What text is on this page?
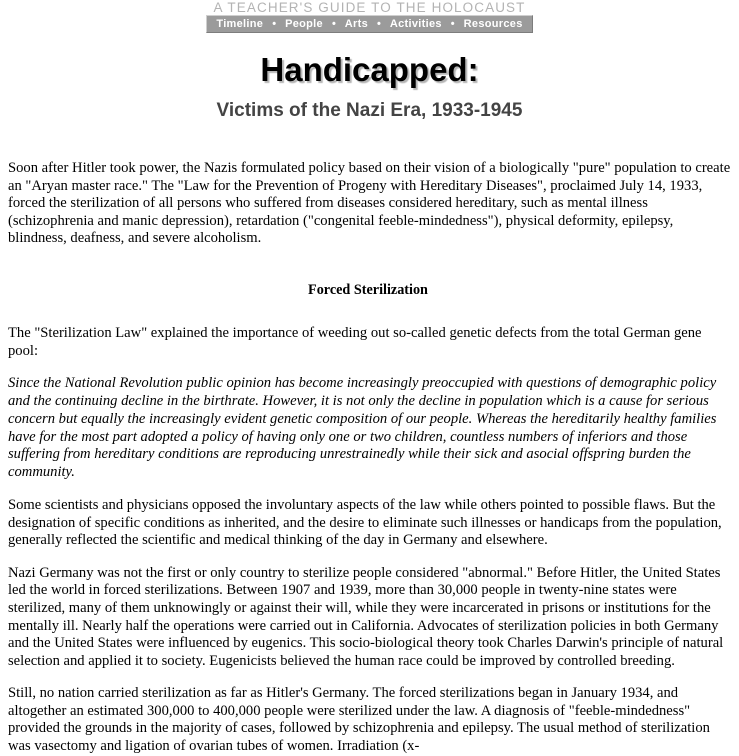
A TEACHER'S GUIDE TO THE HOLOCAUST
Timeline • People • Arts • Activities • Resources
Handicapped:
Victims of the Nazi Era, 1933-1945

Soon after Hitler took power, the Nazis formulated policy based on their vision of a biologically "pure" population to create an "Aryan master race." The "Law for the Prevention of Progeny with Hereditary Diseases", proclaimed July 14, 1933, forced the sterilization of all persons who suffered from diseases considered hereditary, such as mental illness (schizophrenia and manic depression), retardation ("congenital feeble-mindedness"), physical deformity, epilepsy, blindness, deafness, and severe alcoholism.

Forced Sterilization

The "Sterilization Law" explained the importance of weeding out so-called genetic defects from the total German gene pool:

Since the National Revolution public opinion has become increasingly preoccupied with questions of demographic policy and the continuing decline in the birthrate. However, it is not only the decline in population which is a cause for serious concern but equally the increasingly evident genetic composition of our people. Whereas the hereditarily healthy families have for the most part adopted a policy of having only one or two children, countless numbers of inferiors and those suffering from hereditary conditions are reproducing unrestrainedly while their sick and asocial offspring burden the community.

Some scientists and physicians opposed the involuntary aspects of the law while others pointed to possible flaws. But the designation of specific conditions as inherited, and the desire to eliminate such illnesses or handicaps from the population, generally reflected the scientific and medical thinking of the day in Germany and elsewhere.

Nazi Germany was not the first or only country to sterilize people considered "abnormal." Before Hitler, the United States led the world in forced sterilizations. Between 1907 and 1939, more than 30,000 people in twenty-nine states were sterilized, many of them unknowingly or against their will, while they were incarcerated in prisons or institutions for the mentally ill. Nearly half the operations were carried out in California. Advocates of sterilization policies in both Germany and the United States were influenced by eugenics. This socio-biological theory took Charles Darwin's principle of natural selection and applied it to society. Eugenicists believed the human race could be improved by controlled breeding.

Still, no nation carried sterilization as far as Hitler's Germany. The forced sterilizations began in January 1934, and altogether an estimated 300,000 to 400,000 people were sterilized under the law. A diagnosis of "feeble-mindedness" provided the grounds in the majority of cases, followed by schizophrenia and epilepsy. The usual method of sterilization was vasectomy and ligation of ovarian tubes of women. Irradiation (x-
